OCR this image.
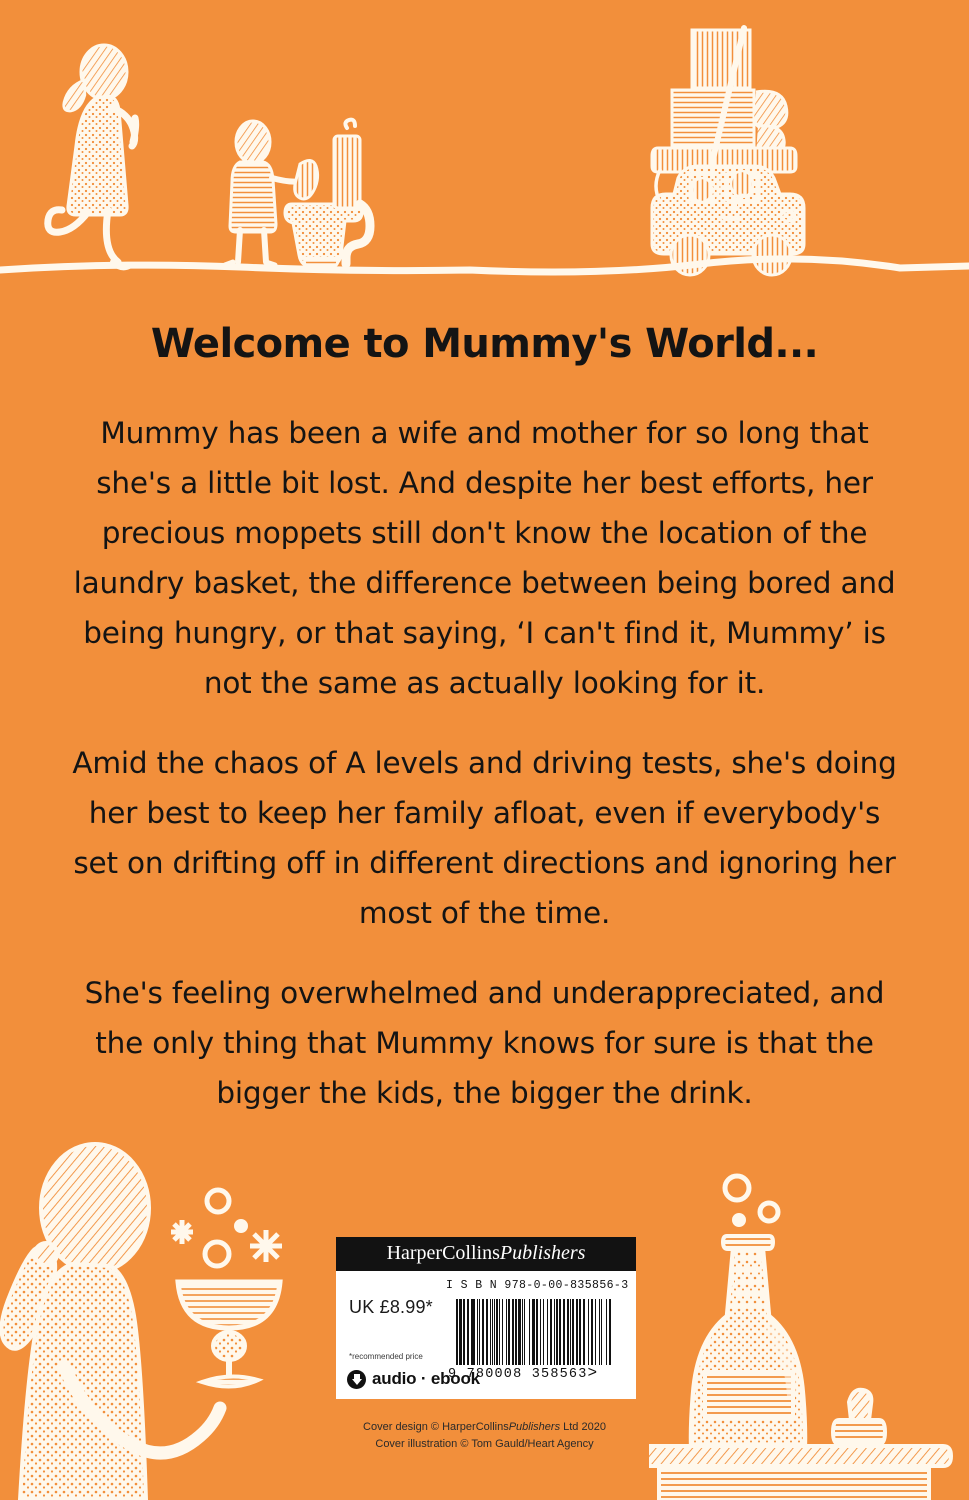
Welcome to Mummy's World...

Mummy has been a wife and mother for so long that she's a little bit lost. And despite her best efforts, her precious moppets still don't know the location of the laundry basket, the difference between being bored and being hungry, or that saying, ‘I can't find it, Mummy’ is not the same as actually looking for it.

Amid the chaos of A levels and driving tests, she's doing her best to keep her family afloat, even if everybody's set on drifting off in different directions and ignoring her most of the time.

She's feeling overwhelmed and underappreciated, and the only thing that Mummy knows for sure is that the bigger the kids, the bigger the drink.

HarperCollinsPublishers
UK £8.99*
*recommended price
audio · ebook
I S B N 978-0-00-835856-3
9 780008 358563>
Cover design © HarperCollinsPublishers Ltd 2020
Cover illustration © Tom Gauld/Heart Agency
